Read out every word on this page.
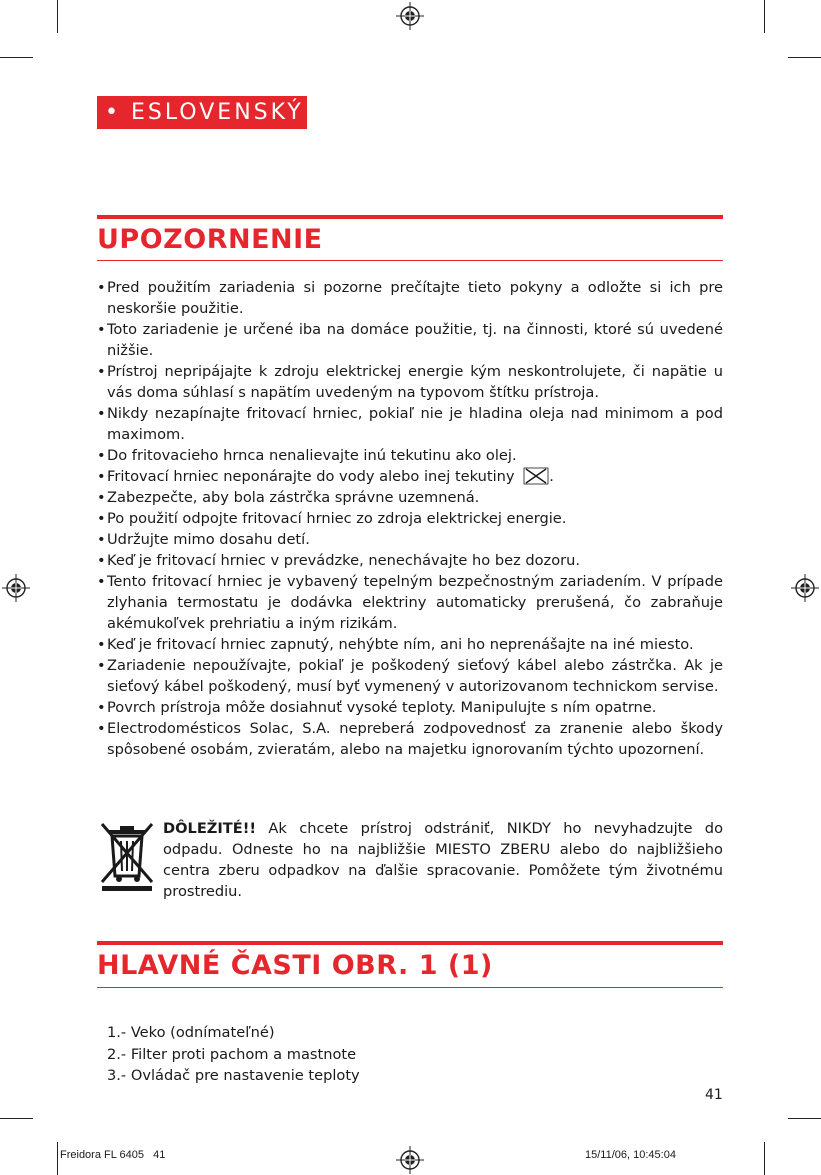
• ESLOVENSKÝ
UPOZORNENIE
• Pred použitím zariadenia si pozorne prečítajte tieto pokyny a odložte si ich pre neskoršie použitie.
• Toto zariadenie je určené iba na domáce použitie, tj. na činnosti, ktoré sú uvedené nižšie.
• Prístroj nepripájajte k zdroju elektrickej energie kým neskontrolujete, či napätie u vás doma súhlasí s napätím uvedeným na typovom štítku prístroja.
• Nikdy nezapínajte fritovací hrniec, pokiaľ nie je hladina oleja nad minimom a pod maximom.
• Do fritovacieho hrnca nenalievajte inú tekutinu ako olej.
• Fritovací hrniec neponárajte do vody alebo inej tekutiny .
• Zabezpečte, aby bola zástrčka správne uzemnená.
• Po použití odpojte fritovací hrniec zo zdroja elektrickej energie.
• Udržujte mimo dosahu detí.
• Keď je fritovací hrniec v prevádzke, nenechávajte ho bez dozoru.
• Tento fritovací hrniec je vybavený tepelným bezpečnostným zariadením. V prípade zlyhania termostatu je dodávka elektriny automaticky prerušená, čo zabraňuje akémukoľvek prehriatiu a iným rizikám.
• Keď je fritovací hrniec zapnutý, nehýbte ním, ani ho neprenášajte na iné miesto.
• Zariadenie nepoužívajte, pokiaľ je poškodený sieťový kábel alebo zástrčka. Ak je sieťový kábel poškodený, musí byť vymenený v autorizovanom technickom servise.
• Povrch prístroja môže dosiahnuť vysoké teploty. Manipulujte s ním opatrne.
• Electrodomésticos Solac, S.A. nepreberá zodpovednosť za zranenie alebo škody spôsobené osobám, zvieratám, alebo na majetku ignorovaním týchto upozornení.
DÔLEŽITÉ!! Ak chcete prístroj odstrániť, NIKDY ho nevyhadzujte do odpadu. Odneste ho na najbližšie MIESTO ZBERU alebo do najbližšieho centra zberu odpadkov na ďalšie spracovanie. Pomôžete tým životnému prostrediu.
HLAVNÉ ČASTI OBR. 1 (1)
1.- Veko (odnímateľné)
2.- Filter proti pachom a mastnote
3.- Ovládač pre nastavenie teploty
41
Freidora FL 6405   41	15/11/06, 10:45:04
